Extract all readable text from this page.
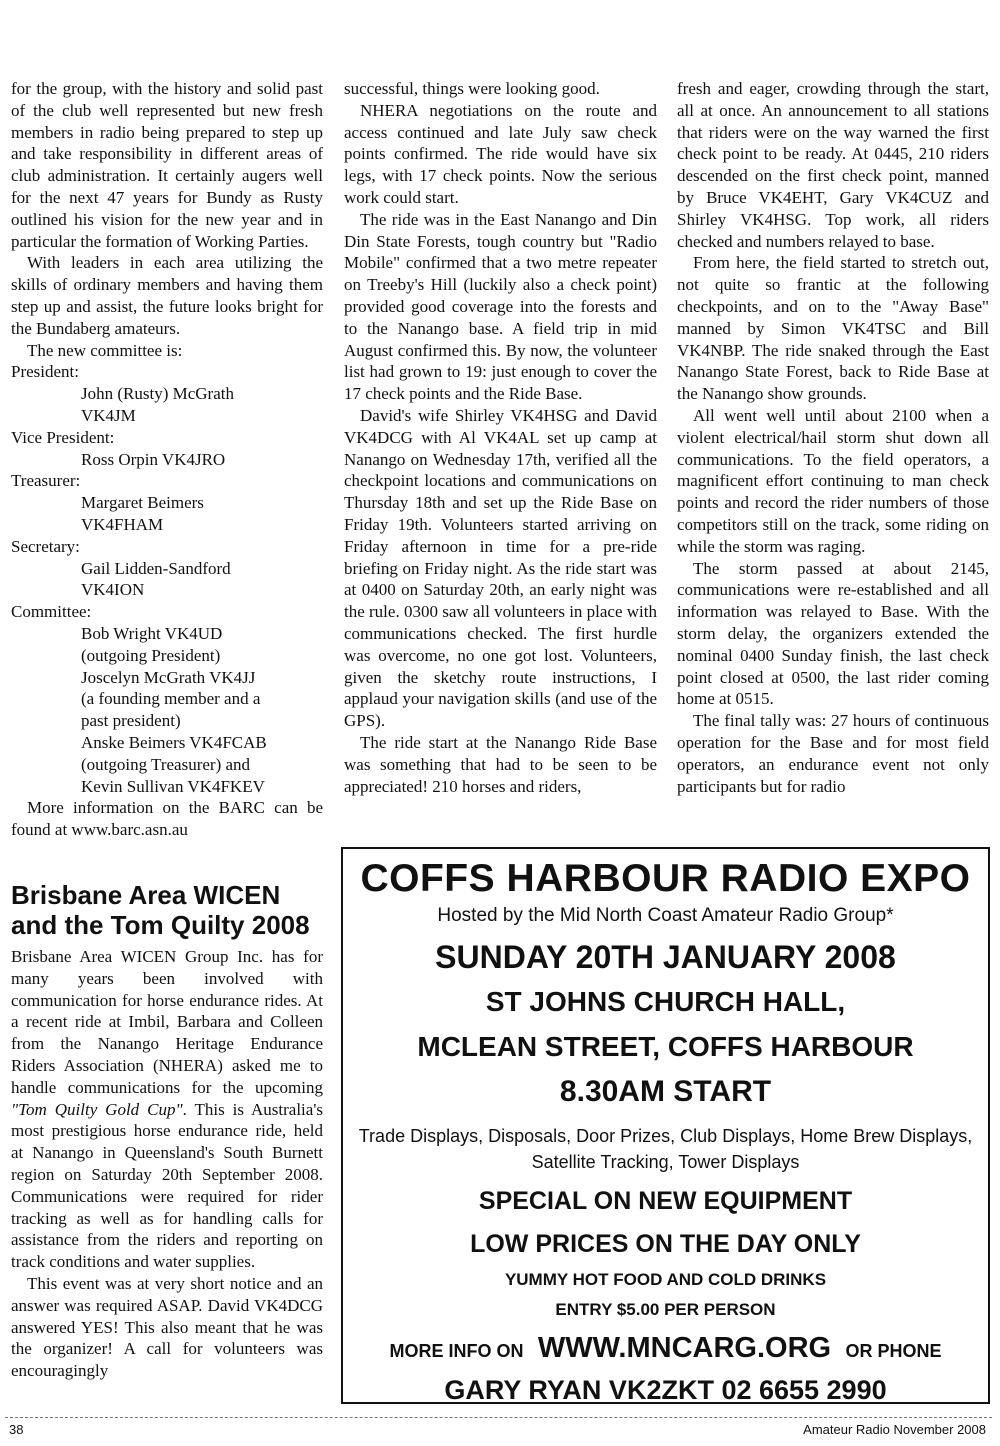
for the group, with the history and solid past of the club well represented but new fresh members in radio being prepared to step up and take responsibility in different areas of club administration. It certainly augers well for the next 47 years for Bundy as Rusty outlined his vision for the new year and in particular the formation of Working Parties.

With leaders in each area utilizing the skills of ordinary members and having them step up and assist, the future looks bright for the Bundaberg amateurs.

The new committee is:

President:

John (Rusty) McGrath

VK4JM

Vice President:

Ross Orpin VK4JRO

Treasurer:

Margaret Beimers

VK4FHAM

Secretary:

Gail Lidden-Sandford

VK4ION

Committee:

Bob Wright VK4UD

(outgoing President)

Joscelyn McGrath VK4JJ

(a founding member and a

past president)

Anske Beimers VK4FCAB

(outgoing Treasurer) and

Kevin Sullivan VK4FKEV

More information on the BARC can be found at www.barc.asn.au

Brisbane Area WICEN and the Tom Quilty 2008

Brisbane Area WICEN Group Inc. has for many years been involved with communication for horse endurance rides. At a recent ride at Imbil, Barbara and Colleen from the Nanango Heritage Endurance Riders Association (NHERA) asked me to handle communications for the upcoming "Tom Quilty Gold Cup". This is Australia's most prestigious horse endurance ride, held at Nanango in Queensland's South Burnett region on Saturday 20th September 2008. Communications were required for rider tracking as well as for handling calls for assistance from the riders and reporting on track conditions and water supplies.

This event was at very short notice and an answer was required ASAP. David VK4DCG answered YES! This also meant that he was the organizer! A call for volunteers was encouragingly

successful, things were looking good.

NHERA negotiations on the route and access continued and late July saw check points confirmed. The ride would have six legs, with 17 check points. Now the serious work could start.

The ride was in the East Nanango and Din Din State Forests, tough country but "Radio Mobile" confirmed that a two metre repeater on Treeby's Hill (luckily also a check point) provided good coverage into the forests and to the Nanango base. A field trip in mid August confirmed this. By now, the volunteer list had grown to 19: just enough to cover the 17 check points and the Ride Base.

David's wife Shirley VK4HSG and David VK4DCG with Al VK4AL set up camp at Nanango on Wednesday 17th, verified all the checkpoint locations and communications on Thursday 18th and set up the Ride Base on Friday 19th. Volunteers started arriving on Friday afternoon in time for a pre-ride briefing on Friday night. As the ride start was at 0400 on Saturday 20th, an early night was the rule. 0300 saw all volunteers in place with communications checked. The first hurdle was overcome, no one got lost. Volunteers, given the sketchy route instructions, I applaud your navigation skills (and use of the GPS).

The ride start at the Nanango Ride Base was something that had to be seen to be appreciated! 210 horses and riders,

fresh and eager, crowding through the start, all at once. An announcement to all stations that riders were on the way warned the first check point to be ready. At 0445, 210 riders descended on the first check point, manned by Bruce VK4EHT, Gary VK4CUZ and Shirley VK4HSG. Top work, all riders checked and numbers relayed to base.

From here, the field started to stretch out, not quite so frantic at the following checkpoints, and on to the "Away Base" manned by Simon VK4TSC and Bill VK4NBP. The ride snaked through the East Nanango State Forest, back to Ride Base at the Nanango show grounds.

All went well until about 2100 when a violent electrical/hail storm shut down all communications. To the field operators, a magnificent effort continuing to man check points and record the rider numbers of those competitors still on the track, some riding on while the storm was raging.

The storm passed at about 2145, communications were re-established and all information was relayed to Base. With the storm delay, the organizers extended the nominal 0400 Sunday finish, the last check point closed at 0500, the last rider coming home at 0515.

The final tally was: 27 hours of continuous operation for the Base and for most field operators, an endurance event not only participants but for radio

COFFS HARBOUR RADIO EXPO
Hosted by the Mid North Coast Amateur Radio Group*
SUNDAY 20TH JANUARY 2008
ST JOHNS CHURCH HALL,
MCLEAN STREET, COFFS HARBOUR
8.30AM START
Trade Displays, Disposals, Door Prizes, Club Displays, Home Brew Displays, Satellite Tracking, Tower Displays
SPECIAL ON NEW EQUIPMENT
LOW PRICES ON THE DAY ONLY
YUMMY HOT FOOD AND COLD DRINKS
ENTRY $5.00 PER PERSON
MORE INFO ON WWW.MNCARG.ORG OR PHONE
GARY RYAN VK2ZKT 02 6655 2990
38	Amateur Radio November 2008
